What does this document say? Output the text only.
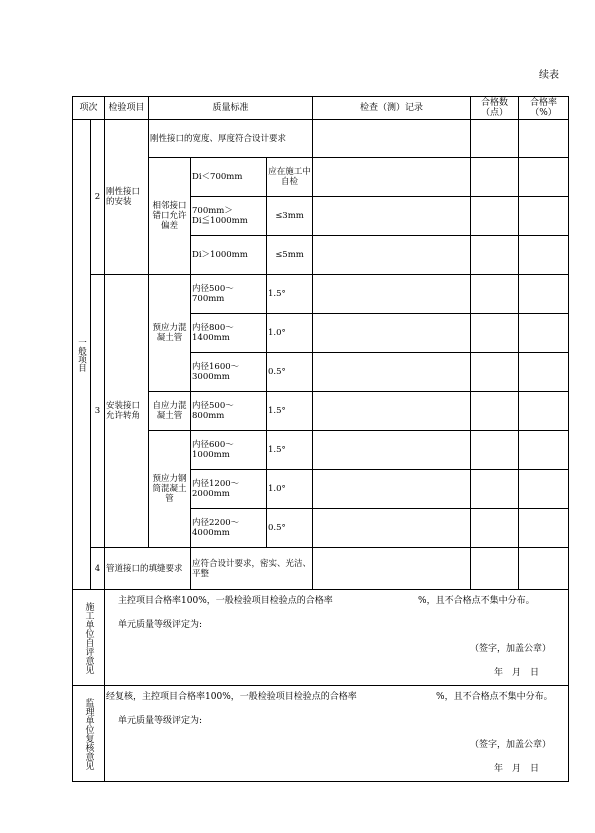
续表
项次		检验项目	质量标准			检查（测）记录	合格数（点）	合格率（%）

一般项目	2	刚性接口的安装	刚性接口的宽度、厚度符合设计要求					
			相邻接口错口允许偏差	Di＜700mm	应在施工中自检			
				700mm＞Di≦1000mm	≤3mm			
				Di＞1000mm	≤5mm			
	3	安装接口允许转角	预应力混凝土管	内径500～700mm	1.5°			
				内径800～1400mm	1.0°			
				内径1600～3000mm	0.5°			
			自应力混凝土管	内径500～800mm	1.5°			
			预应力钢筒混凝土管	内径600～1000mm	1.5°			
				内径1200～2000mm	1.0°			
				内径2200～4000mm	0.5°			
	4	管道接口的填缝要求		应符合设计要求，密实、光洁、平整				

施工单位自评意见		主控项目合格率100%，一般检验项目检验点的合格率 %，且不合格点不集中分布。
单元质量等级评定为:
（签字，加盖公章）
年　月　日						

监理单位复核意见		经复核，主控项目合格率100%，一般检验项目检验点的合格率 %，且不合格点不集中分布。
单元质量等级评定为:
（签字，加盖公章）
年　月　日						
